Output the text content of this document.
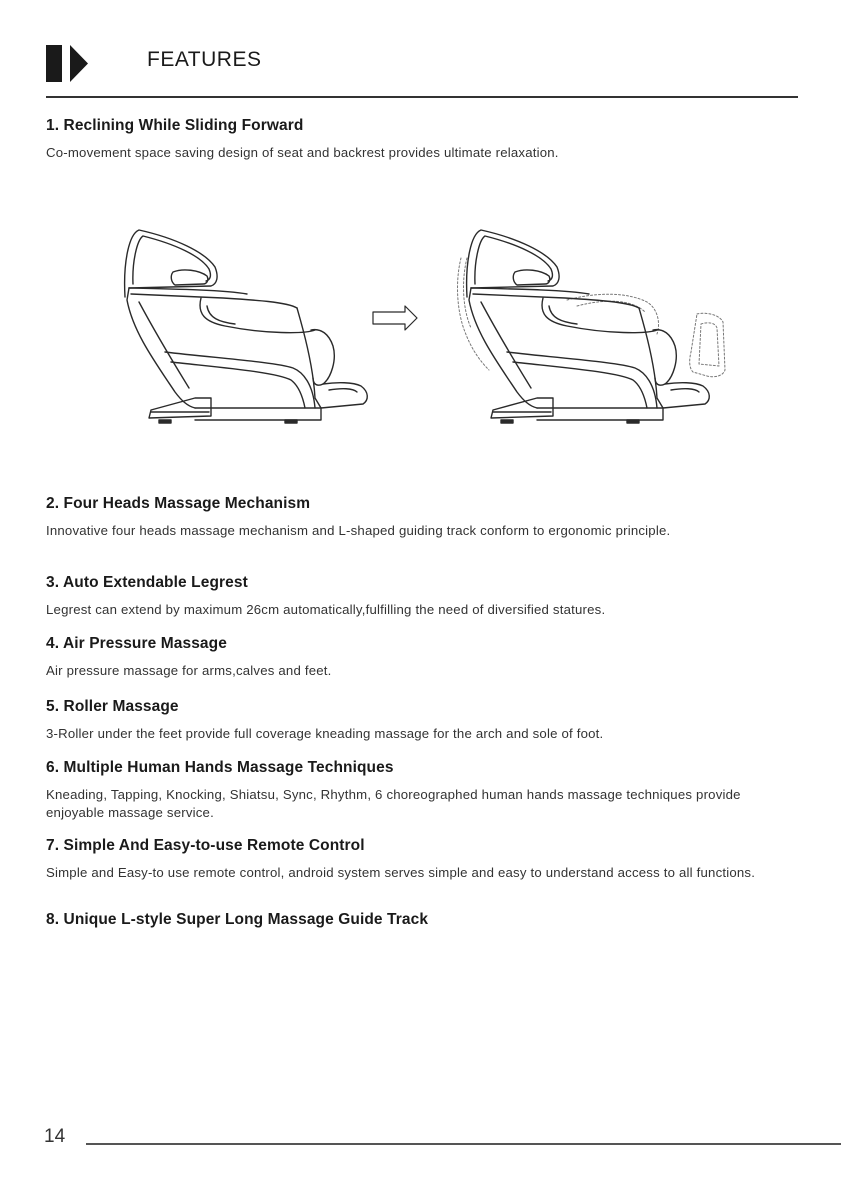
FEATURES

1. Reclining While Sliding Forward

Co-movement space saving design of seat and backrest provides ultimate relaxation.

2. Four Heads Massage Mechanism

Innovative four heads massage mechanism and L-shaped guiding track conform to ergonomic principle.

3. Auto Extendable Legrest

Legrest can extend by maximum 26cm automatically,fulfilling the need of diversified statures.

4. Air Pressure Massage

Air pressure massage for arms,calves and feet.

5. Roller Massage

3-Roller under the feet provide full coverage kneading massage for the arch and sole of foot.

6. Multiple Human Hands Massage Techniques

Kneading, Tapping, Knocking, Shiatsu, Sync, Rhythm, 6 choreographed human hands massage techniques provide enjoyable massage service.

7. Simple And Easy-to-use Remote Control

Simple and Easy-to use remote control, android system serves simple and easy to understand access to all functions.

8. Unique L-style Super Long Massage Guide Track

14
